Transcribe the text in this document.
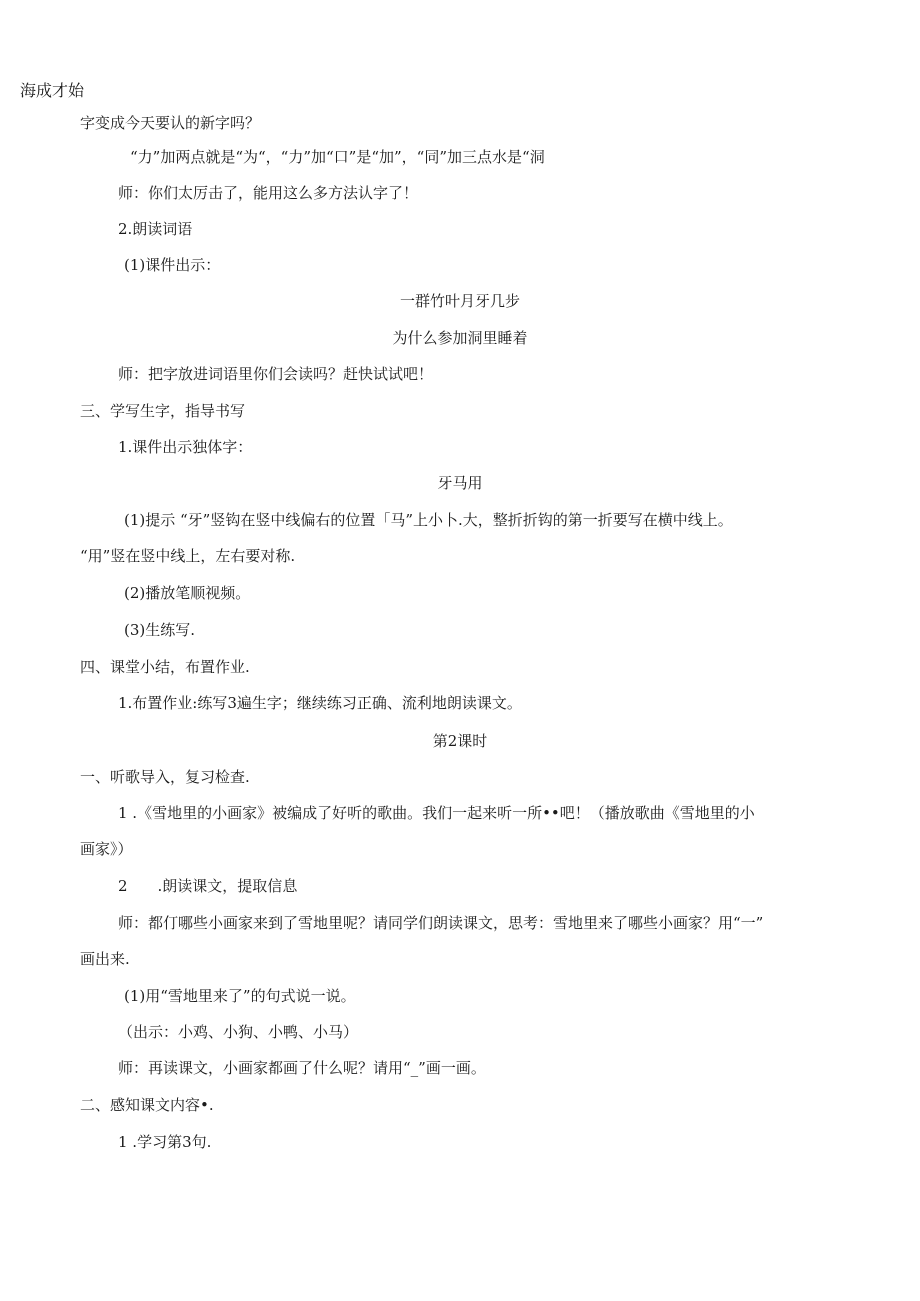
海成才始
字变成今天要认的新字吗？
“力”加两点就是“为“，“力”加“口”是“加”，“同”加三点水是“洞
师：你们太厉击了，能用这么多方法认字了！
2.朗读词语
(1)课件出示：
一群竹叶月牙几步
为什么参加洞里睡着
师：把字放进词语里你们会读吗？赶快试试吧！
三、学写生字，指导书写
1.课件出示独体字：
牙马用
(1)提示 “牙”竖钩在竖中线偏右的位置「马”上小卜.大，整折折钩的第一折要写在横中线上。
“用”竖在竖中线上，左右要对称.
(2)播放笔顺视频。
(3)生练写.
四、课堂小结，布置作业.
1.布置作业:练写3遍生字；继续练习正确、流利地朗读课文。
第2课时
一、听歌导入，复习检查.
1 .《雪地里的小画家》被编成了好听的歌曲。我们一起来听一所••吧！（播放歌曲《雪地里的小
画家》）
2　　.朗读课文，提取信息
师：都仃哪些小画家来到了雪地里呢？请同学们朗读课文，思考：雪地里来了哪些小画家？用“一”
画出来.
(1)用“雪地里来了”的句式说一说。
（出示：小鸡、小狗、小鸭、小马）
师：再读课文，小画家都画了什么呢？请用“_”画一画。
二、感知课文内容•.
1 .学习第3句.
